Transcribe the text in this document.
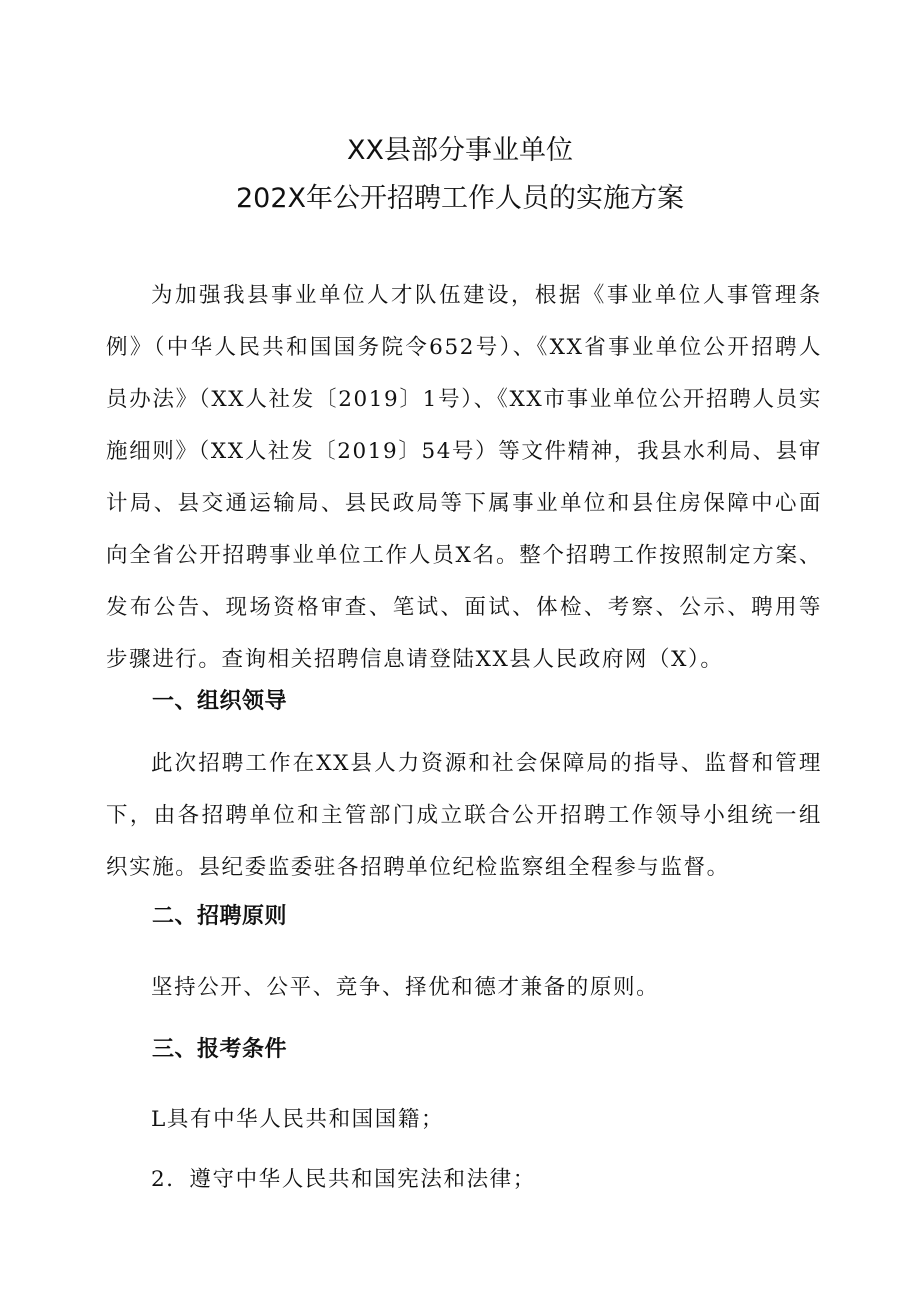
XX县部分事业单位
202X年公开招聘工作人员的实施方案

为加强我县事业单位人才队伍建设，根据《事业单位人事管理条例》（中华人民共和国国务院令652号）、《XX省事业单位公开招聘人员办法》（XX人社发〔2019〕1号）、《XX市事业单位公开招聘人员实施细则》（XX人社发〔2019〕54号）等文件精神，我县水利局、县审计局、县交通运输局、县民政局等下属事业单位和县住房保障中心面向全省公开招聘事业单位工作人员X名。整个招聘工作按照制定方案、发布公告、现场资格审查、笔试、面试、体检、考察、公示、聘用等步骤进行。查询相关招聘信息请登陆XX县人民政府网（X）。

一、组织领导

此次招聘工作在XX县人力资源和社会保障局的指导、监督和管理下，由各招聘单位和主管部门成立联合公开招聘工作领导小组统一组织实施。县纪委监委驻各招聘单位纪检监察组全程参与监督。

二、招聘原则

坚持公开、公平、竞争、择优和德才兼备的原则。

三、报考条件

L具有中华人民共和国国籍；

2．遵守中华人民共和国宪法和法律；
